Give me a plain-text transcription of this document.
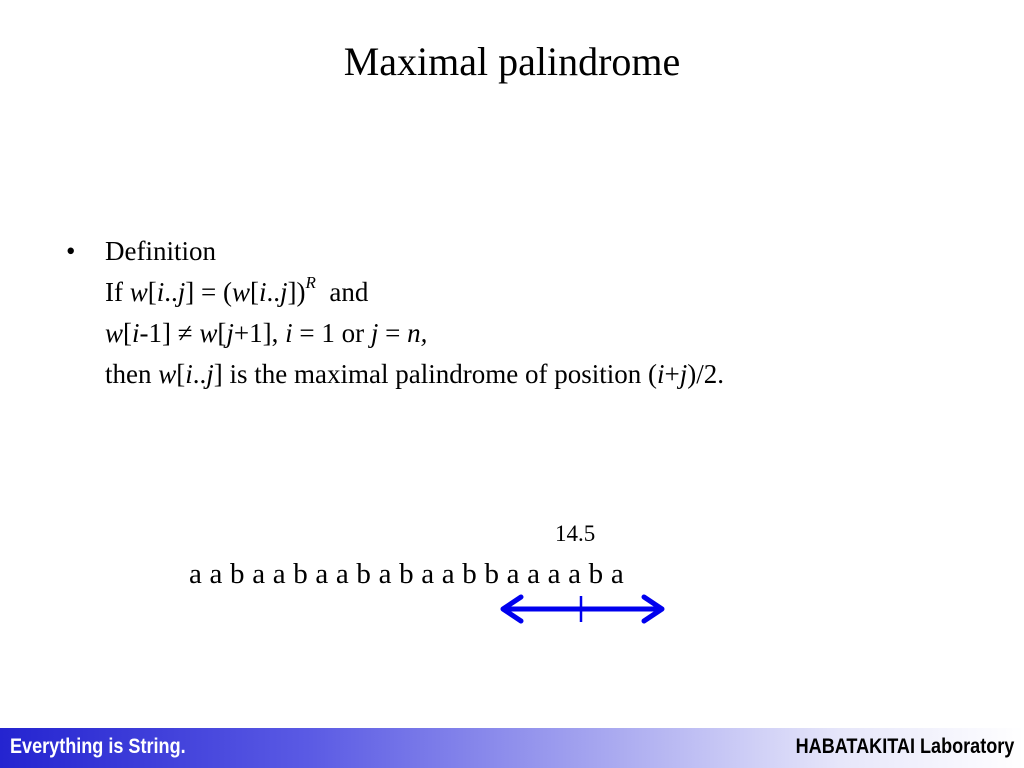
Maximal palindrome
• Definition
If $w[i..j] = (w[i..j])^R$ and
w[i-1] ≠ w[j+1], i = 1 or j = n,
then w[i..j] is the maximal palindrome of position (i+j)/2.
14.5
a a b a a b a a b a b a a b b a a a a b a
Everything is String.	HABATAKITAI Laboratory
